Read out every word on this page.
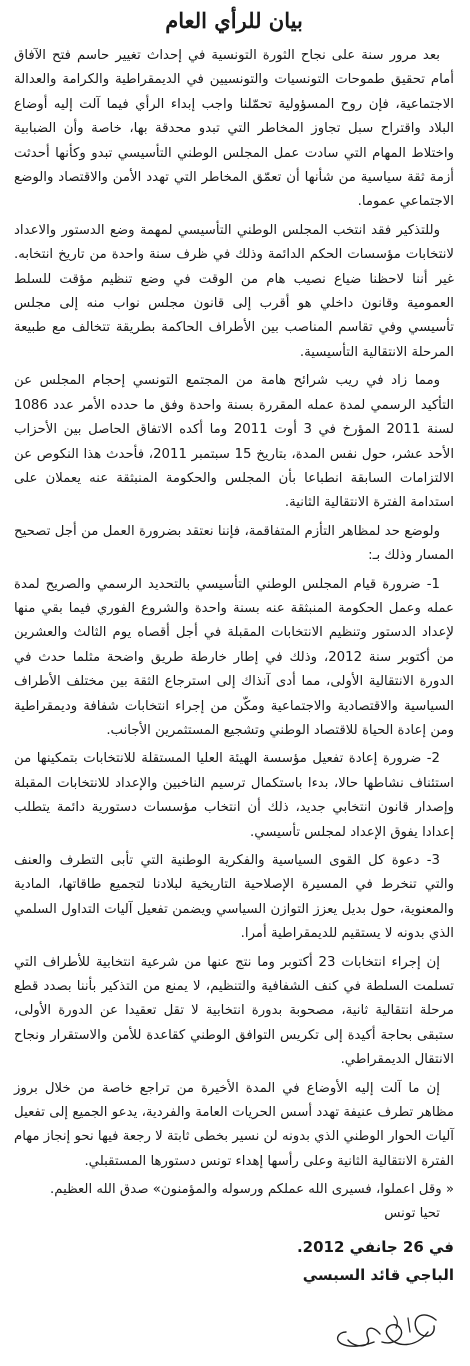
بيان للرأي العام

بعد مرور سنة على نجاح الثورة التونسية في إحداث تغيير حاسم فتح الآفاق أمام تحقيق طموحات التونسيات والتونسيين في الديمقراطية والكرامة والعدالة الاجتماعية، فإن روح المسؤولية تحمّلنا واجب إبداء الرأي فيما آلت إليه أوضاع البلاد واقتراح سبل تجاوز المخاطر التي تبدو محدقة بها، خاصة وأن الضبابية واختلاط المهام التي سادت عمل المجلس الوطني التأسيسي تبدو وكأنها أحدثت أزمة ثقة سياسية من شأنها أن تعمّق المخاطر التي تهدد الأمن والاقتصاد والوضع الاجتماعي عموما.

وللتذكير فقد انتخب المجلس الوطني التأسيسي لمهمة وضع الدستور والاعداد لانتخابات مؤسسات الحكم الدائمة وذلك في ظرف سنة واحدة من تاريخ انتخابه. غير أننا لاحظنا ضياع نصيب هام من الوقت في وضع تنظيم مؤقت للسلط العمومية وقانون داخلي هو أقرب إلى قانون مجلس نواب منه إلى مجلس تأسيسي وفي تقاسم المناصب بين الأطراف الحاكمة بطريقة تتخالف مع طبيعة المرحلة الانتقالية التأسيسية.

ومما زاد في ريب شرائح هامة من المجتمع التونسي إحجام المجلس عن التأكيد الرسمي لمدة عمله المقررة بسنة واحدة وفق ما حدده الأمر عدد 1086 لسنة 2011 المؤرخ في 3 أوت 2011 وما أكده الاتفاق الحاصل بين الأحزاب الأحد عشر، حول نفس المدة، بتاريخ 15 سبتمبر 2011، فأحدث هذا النكوص عن الالتزامات السابقة انطباعا بأن المجلس والحكومة المنبثقة عنه يعملان على استدامة الفترة الانتقالية الثانية.

ولوضع حد لمظاهر التأزم المتفاقمة، فإننا نعتقد بضرورة العمل من أجل تصحيح المسار وذلك بـ:

1- ضرورة قيام المجلس الوطني التأسيسي بالتحديد الرسمي والصريح لمدة عمله وعمل الحكومة المنبثقة عنه بسنة واحدة والشروع الفوري فيما بقي منها لإعداد الدستور وتنظيم الانتخابات المقبلة في أجل أقصاه يوم الثالث والعشرين من أكتوبر سنة 2012، وذلك في إطار خارطة طريق واضحة مثلما حدث في الدورة الانتقالية الأولى، مما أدى آنذاك إلى استرجاع الثقة بين مختلف الأطراف السياسية والاقتصادية والاجتماعية ومكّن من إجراء انتخابات شفافة وديمقراطية ومن إعادة الحياة للاقتصاد الوطني وتشجيع المستثمرين الأجانب.

2- ضرورة إعادة تفعيل مؤسسة الهيئة العليا المستقلة للانتخابات بتمكينها من استئناف نشاطها حالا، بدءا باستكمال ترسيم الناخبين والإعداد للانتخابات المقبلة وإصدار قانون انتخابي جديد، ذلك أن انتخاب مؤسسات دستورية دائمة يتطلب إعدادا يفوق الإعداد لمجلس تأسيسي.

3- دعوة كل القوى السياسية والفكرية الوطنية التي تأبى التطرف والعنف والتي تنخرط في المسيرة الإصلاحية التاريخية لبلادنا لتجميع طاقاتها، المادية والمعنوية، حول بديل يعزز التوازن السياسي ويضمن تفعيل آليات التداول السلمي الذي بدونه لا يستقيم للديمقراطية أمرا.

إن إجراء انتخابات 23 أكتوبر وما نتج عنها من شرعية انتخابية للأطراف التي تسلمت السلطة في كنف الشفافية والتنظيم، لا يمنع من التذكير بأننا بصدد قطع مرحلة انتقالية ثانية، مصحوبة بدورة انتخابية لا تقل تعقيدا عن الدورة الأولى، ستبقى بحاجة أكيدة إلى تكريس التوافق الوطني كقاعدة للأمن والاستقرار ونجاح الانتقال الديمقراطي.

إن ما آلت إليه الأوضاع في المدة الأخيرة من تراجع خاصة من خلال بروز مظاهر تطرف عنيفة تهدد أسس الحريات العامة والفردية، يدعو الجميع إلى تفعيل آليات الحوار الوطني الذي بدونه لن نسير بخطى ثابتة لا رجعة فيها نحو إنجاز مهام الفترة الانتقالية الثانية وعلى رأسها إهداء تونس دستورها المستقبلي.

« وقل اعملوا، فسيرى الله عملكم ورسوله والمؤمنون» صدق الله العظيم.
تحيا تونس
في 26 جانفي 2012.
الباجي قائد السبسي
